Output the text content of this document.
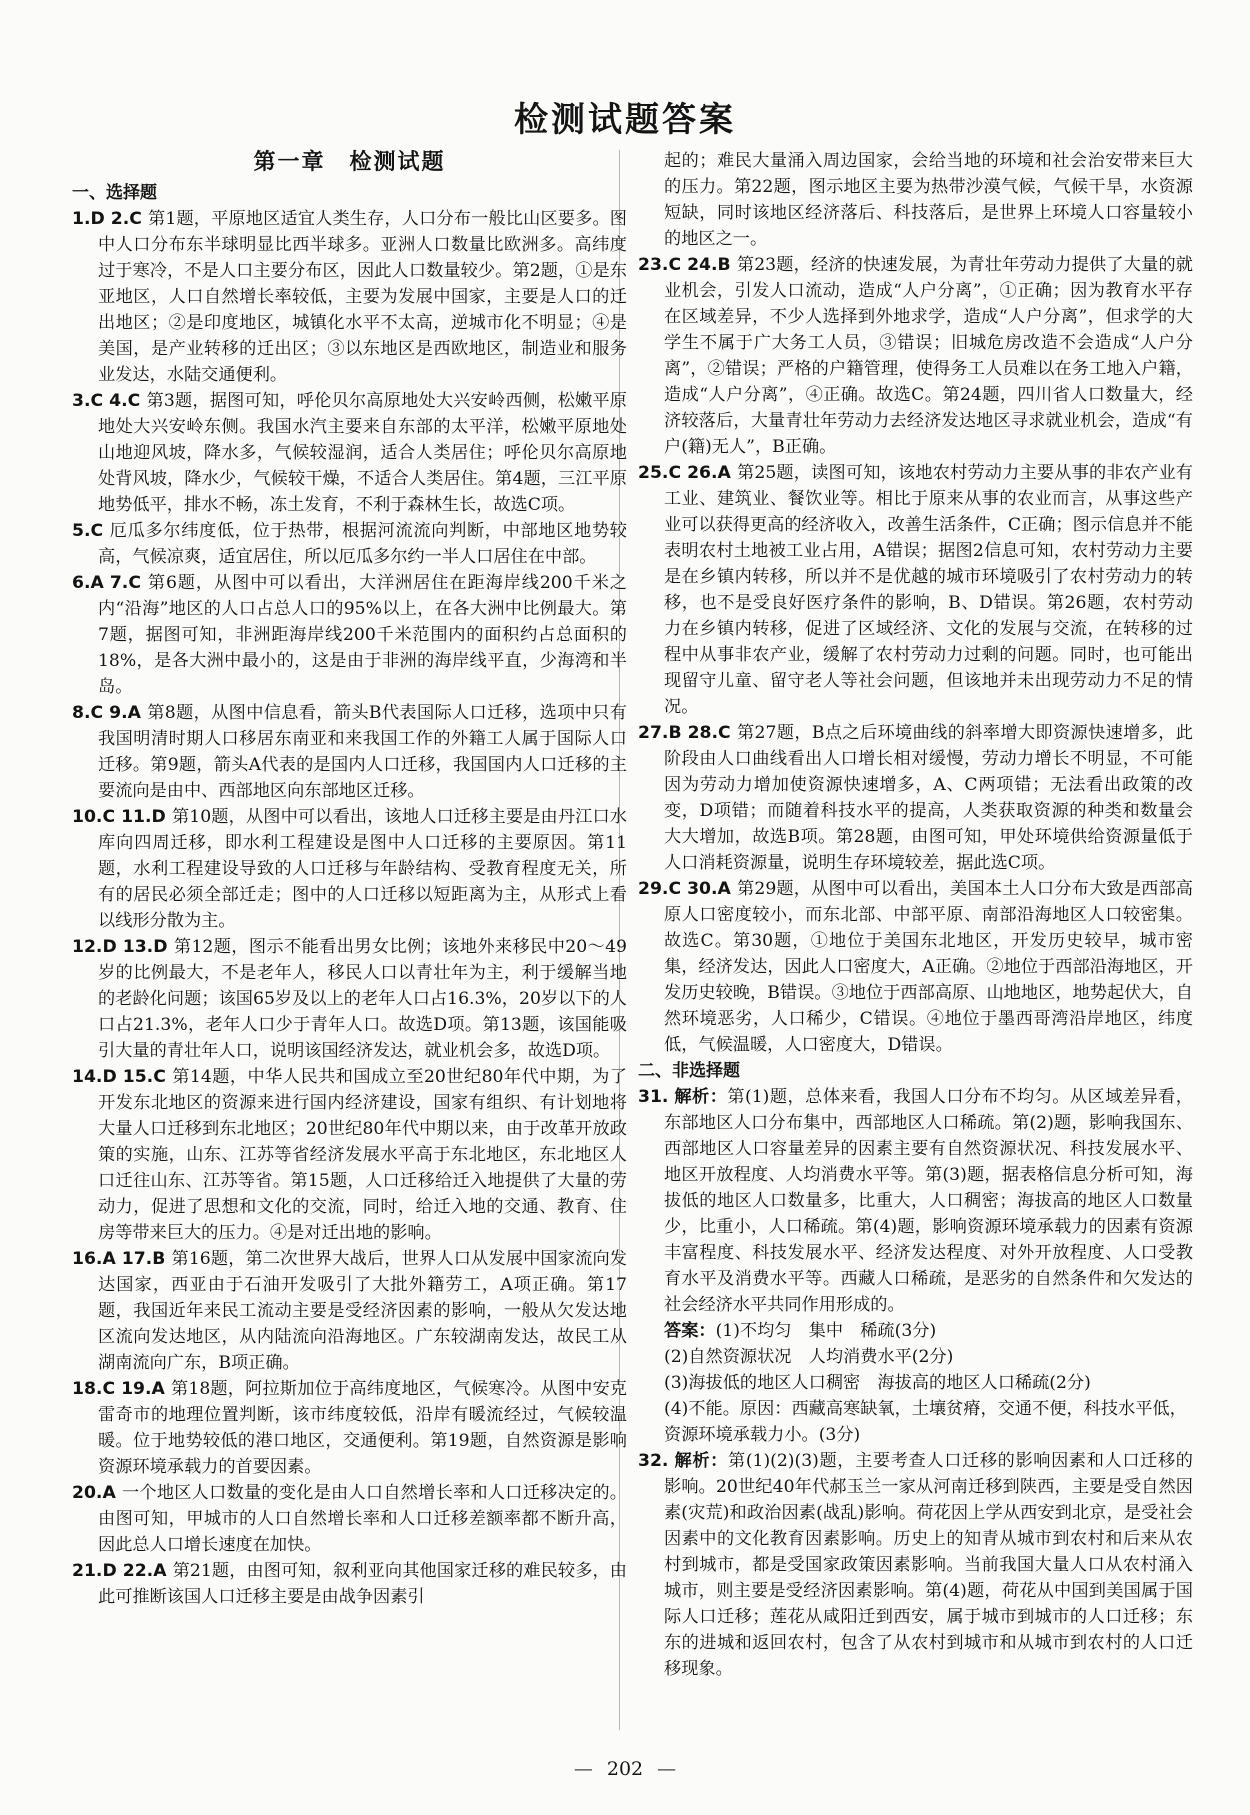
检测试题答案
第一章　检测试题
一、选择题

1.D 2.C 第1题，平原地区适宜人类生存，人口分布一般比山区要多。图中人口分布东半球明显比西半球多。亚洲人口数量比欧洲多。高纬度过于寒冷，不是人口主要分布区，因此人口数量较少。第2题，①是东亚地区，人口自然增长率较低，主要为发展中国家，主要是人口的迁出地区；②是印度地区，城镇化水平不太高，逆城市化不明显；④是美国，是产业转移的迁出区；③以东地区是西欧地区，制造业和服务业发达，水陆交通便利。

3.C 4.C 第3题，据图可知，呼伦贝尔高原地处大兴安岭西侧，松嫩平原地处大兴安岭东侧。我国水汽主要来自东部的太平洋，松嫩平原地处山地迎风坡，降水多，气候较湿润，适合人类居住；呼伦贝尔高原地处背风坡，降水少，气候较干燥，不适合人类居住。第4题，三江平原地势低平，排水不畅，冻土发育，不利于森林生长，故选C项。

5.C 厄瓜多尔纬度低，位于热带，根据河流流向判断，中部地区地势较高，气候凉爽，适宜居住，所以厄瓜多尔约一半人口居住在中部。

6.A 7.C 第6题，从图中可以看出，大洋洲居住在距海岸线200千米之内“沿海”地区的人口占总人口的95%以上，在各大洲中比例最大。第7题，据图可知，非洲距海岸线200千米范围内的面积约占总面积的18%，是各大洲中最小的，这是由于非洲的海岸线平直，少海湾和半岛。

8.C 9.A 第8题，从图中信息看，箭头B代表国际人口迁移，选项中只有我国明清时期人口移居东南亚和来我国工作的外籍工人属于国际人口迁移。第9题，箭头A代表的是国内人口迁移，我国国内人口迁移的主要流向是由中、西部地区向东部地区迁移。

10.C 11.D 第10题，从图中可以看出，该地人口迁移主要是由丹江口水库向四周迁移，即水利工程建设是图中人口迁移的主要原因。第11题，水利工程建设导致的人口迁移与年龄结构、受教育程度无关，所有的居民必须全部迁走；图中的人口迁移以短距离为主，从形式上看以线形分散为主。

12.D 13.D 第12题，图示不能看出男女比例；该地外来移民中20～49岁的比例最大，不是老年人，移民人口以青壮年为主，利于缓解当地的老龄化问题；该国65岁及以上的老年人口占16.3%，20岁以下的人口占21.3%，老年人口少于青年人口。故选D项。第13题，该国能吸引大量的青壮年人口，说明该国经济发达，就业机会多，故选D项。

14.D 15.C 第14题，中华人民共和国成立至20世纪80年代中期，为了开发东北地区的资源来进行国内经济建设，国家有组织、有计划地将大量人口迁移到东北地区；20世纪80年代中期以来，由于改革开放政策的实施，山东、江苏等省经济发展水平高于东北地区，东北地区人口迁往山东、江苏等省。第15题，人口迁移给迁入地提供了大量的劳动力，促进了思想和文化的交流，同时，给迁入地的交通、教育、住房等带来巨大的压力。④是对迁出地的影响。

16.A 17.B 第16题，第二次世界大战后，世界人口从发展中国家流向发达国家，西亚由于石油开发吸引了大批外籍劳工，A项正确。第17题，我国近年来民工流动主要是受经济因素的影响，一般从欠发达地区流向发达地区，从内陆流向沿海地区。广东较湖南发达，故民工从湖南流向广东，B项正确。

18.C 19.A 第18题，阿拉斯加位于高纬度地区，气候寒冷。从图中安克雷奇市的地理位置判断，该市纬度较低，沿岸有暖流经过，气候较温暖。位于地势较低的港口地区，交通便利。第19题，自然资源是影响资源环境承载力的首要因素。

20.A 一个地区人口数量的变化是由人口自然增长率和人口迁移决定的。由图可知，甲城市的人口自然增长率和人口迁移差额率都不断升高，因此总人口增长速度在加快。

21.D 22.A 第21题，由图可知，叙利亚向其他国家迁移的难民较多，由此可推断该国人口迁移主要是由战争因素引

起的；难民大量涌入周边国家，会给当地的环境和社会治安带来巨大的压力。第22题，图示地区主要为热带沙漠气候，气候干旱，水资源短缺，同时该地区经济落后、科技落后，是世界上环境人口容量较小的地区之一。

23.C 24.B 第23题，经济的快速发展，为青壮年劳动力提供了大量的就业机会，引发人口流动，造成“人户分离”，①正确；因为教育水平存在区域差异，不少人选择到外地求学，造成“人户分离”，但求学的大学生不属于广大务工人员，③错误；旧城危房改造不会造成“人户分离”，②错误；严格的户籍管理，使得务工人员难以在务工地入户籍，造成“人户分离”，④正确。故选C。第24题，四川省人口数量大，经济较落后，大量青壮年劳动力去经济发达地区寻求就业机会，造成“有户(籍)无人”，B正确。

25.C 26.A 第25题，读图可知，该地农村劳动力主要从事的非农产业有工业、建筑业、餐饮业等。相比于原来从事的农业而言，从事这些产业可以获得更高的经济收入，改善生活条件，C正确；图示信息并不能表明农村土地被工业占用，A错误；据图2信息可知，农村劳动力主要是在乡镇内转移，所以并不是优越的城市环境吸引了农村劳动力的转移，也不是受良好医疗条件的影响，B、D错误。第26题，农村劳动力在乡镇内转移，促进了区域经济、文化的发展与交流，在转移的过程中从事非农产业，缓解了农村劳动力过剩的问题。同时，也可能出现留守儿童、留守老人等社会问题，但该地并未出现劳动力不足的情况。

27.B 28.C 第27题，B点之后环境曲线的斜率增大即资源快速增多，此阶段由人口曲线看出人口增长相对缓慢，劳动力增长不明显，不可能因为劳动力增加使资源快速增多，A、C两项错；无法看出政策的改变，D项错；而随着科技水平的提高，人类获取资源的种类和数量会大大增加，故选B项。第28题，由图可知，甲处环境供给资源量低于人口消耗资源量，说明生存环境较差，据此选C项。

29.C 30.A 第29题，从图中可以看出，美国本土人口分布大致是西部高原人口密度较小，而东北部、中部平原、南部沿海地区人口较密集。故选C。第30题，①地位于美国东北地区，开发历史较早，城市密集，经济发达，因此人口密度大，A正确。②地位于西部沿海地区，开发历史较晚，B错误。③地位于西部高原、山地地区，地势起伏大，自然环境恶劣，人口稀少，C错误。④地位于墨西哥湾沿岸地区，纬度低，气候温暖，人口密度大，D错误。

二、非选择题

31. 解析：第(1)题，总体来看，我国人口分布不均匀。从区域差异看，东部地区人口分布集中，西部地区人口稀疏。第(2)题，影响我国东、西部地区人口容量差异的因素主要有自然资源状况、科技发展水平、地区开放程度、人均消费水平等。第(3)题，据表格信息分析可知，海拔低的地区人口数量多，比重大，人口稠密；海拔高的地区人口数量少，比重小，人口稀疏。第(4)题，影响资源环境承载力的因素有资源丰富程度、科技发展水平、经济发达程度、对外开放程度、人口受教育水平及消费水平等。西藏人口稀疏，是恶劣的自然条件和欠发达的社会经济水平共同作用形成的。

答案：(1)不均匀　集中　稀疏(3分)

(2)自然资源状况　人均消费水平(2分)

(3)海拔低的地区人口稠密　海拔高的地区人口稀疏(2分)

(4)不能。原因：西藏高寒缺氧，土壤贫瘠，交通不便，科技水平低，资源环境承载力小。(3分)

32. 解析：第(1)(2)(3)题，主要考查人口迁移的影响因素和人口迁移的影响。20世纪40年代郝玉兰一家从河南迁移到陕西，主要是受自然因素(灾荒)和政治因素(战乱)影响。荷花因上学从西安到北京，是受社会因素中的文化教育因素影响。历史上的知青从城市到农村和后来从农村到城市，都是受国家政策因素影响。当前我国大量人口从农村涌入城市，则主要是受经济因素影响。第(4)题，荷花从中国到美国属于国际人口迁移；莲花从咸阳迁到西安，属于城市到城市的人口迁移；东东的进城和返回农村，包含了从农村到城市和从城市到农村的人口迁移现象。

— 202 —
